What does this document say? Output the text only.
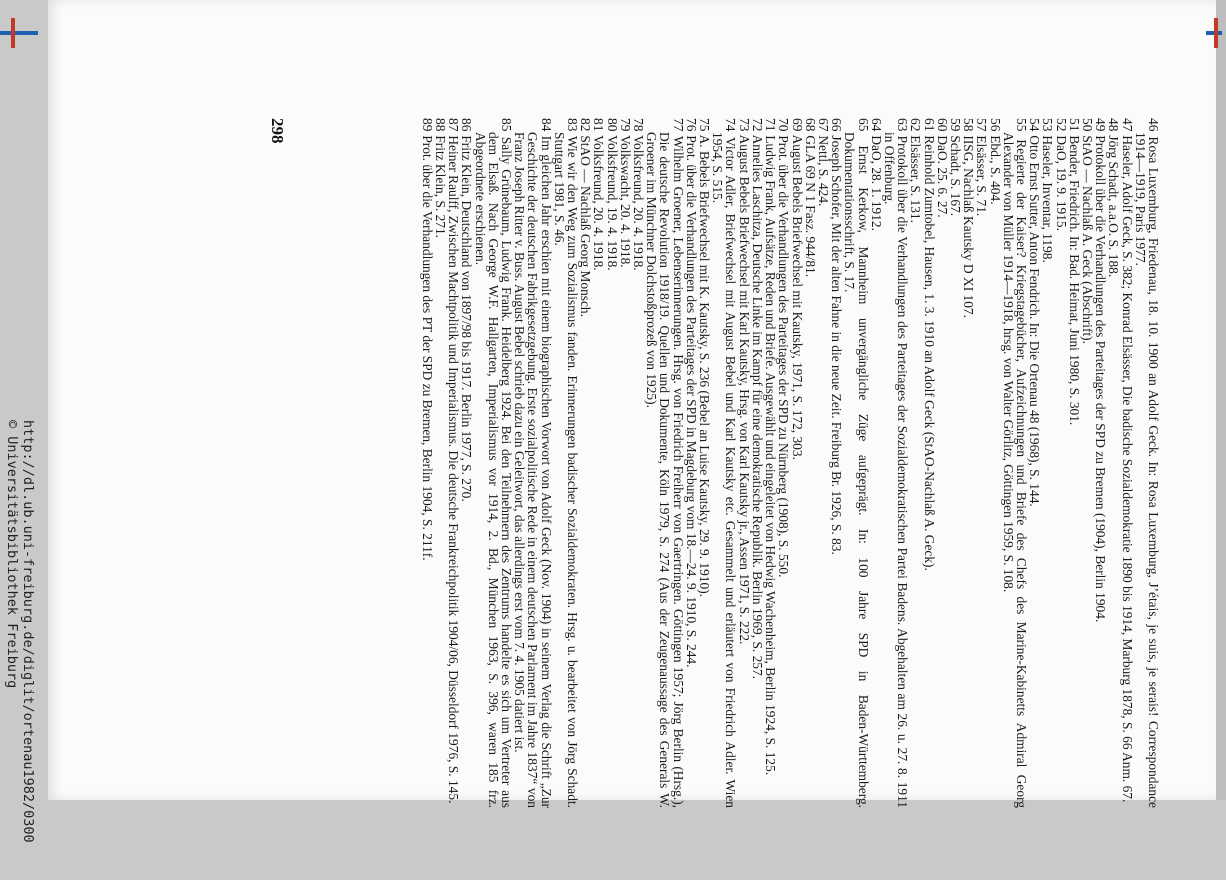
http://dl.ub.uni-freiburg.de/diglit/ortenau1982/0300
© Universitätsbibliothek Freiburg
46 Rosa Luxemburg, Friedenau, 18. 10. 1900 an Adolf Geck. In: Rosa Luxemburg, J’étais, je suis, je serais! Correspondance 1914—1919, Paris 1977.
47 Haseler, Adolf Geck, S. 382; Konrad Elsässer, Die badische Sozialdemokratie 1890 bis 1914, Marburg 1878, S. 66 Anm. 67.
48 Jörg Schadt, a.a.O. S. 188.
49 Protokoll über die Verhandlungen des Parteitages der SPD zu Bremen (1904), Berlin 1904.
50 StAO — Nachlaß A. Geck (Abschrift).
51 Bender, Friedrich. In: Bad. Heimat, Juni 1980, S. 301.
52 DaO, 19. 9. 1915.
53 Haseler, Inventar, 1198.
54 Otto Ernst Sutter, Anton Fendrich. In: Die Ortenau 48 (1968), S. 144.
55 Regierte der Kaiser? Kriegstagebücher, Aufzeichnungen und Briefe des Chefs des Marine-Kabinetts Admiral Georg Alexander von Müller 1914—1918, hrsg. von Walter Görlitz, Göttingen 1959, S. 108.
56 Ebd., S. 404.
57 Elsässer, S. 71.
58 IISG, Nachlaß Kautsky D XI 107.
59 Schadt, S. 167.
60 DaO. 25. 6. 27.
61 Reinhold Zumtobel, Hausen, 1. 3. 1910 an Adolf Geck (StAO-Nachlaß A. Geck).
62 Elsässer, S. 131.
63 Protokoll über die Verhandlungen des Parteitages der Sozialdemokratischen Partei Badens. Abgehalten am 26. u. 27. 8. 1911 in Offenburg.
64 DaO, 28. 1. 1912.
65 Ernst Kerkow, Mannheim unvergängliche Züge aufgeprägt. In: 100 Jahre SPD in Baden-Württemberg. Dokumentationsschrift, S. 17.
66 Joseph Schofer, Mit der alten Fahne in die neue Zeit. Freiburg Br. 1926, S. 83.
67 Nettl, S. 424.
68 GLA 69 N 1 Fasz. 944/81.
69 August Bebels Briefwechsel mit Kautsky, 1971, S. 172, 303.
70 Prot. über die Verhandlungen des Parteitages der SPD zu Nürnberg (1908), S. 550.
71 Ludwig Frank, Aufsätze, Reden und Briefe. Ausgewählt und eingeleitet von Hedwig Wachenheim, Berlin 1924, S. 125.
72 Annelies Laschitza, Deutsche Linke im Kampf für eine demokratische Republik. Berlin 1969, S. 257.
73 August Bebels Briefwechsel mit Karl Kautsky, Hrsg. von Karl Kautsky jr., Assen 1971, S. 222.
74 Victor Adler, Briefwechsel mit August Bebel und Karl Kautsky etc. Gesammelt und erläutert von Friedrich Adler. Wien 1954, S. 515.
75 A. Bebels Briefwechsel mit K. Kautsky, S. 236 (Bebel an Luise Kautsky, 29. 9. 1910).
76 Prot. über die Verhandlungen des Parteitages der SPD in Magdeburg vom 18.—24. 9. 1910, S. 244.
77 Wilhelm Groener, Lebenserinnerungen. Hrsg. von Friedrich Freiherr von Gaertringen. Göttingen 1957; Jörg Berlin (Hrsg.), Die deutsche Revolution 1918/19. Quellen und Dokumente, Köln 1979, S. 274 (Aus der Zeugenaussage des Generals W. Groener im Münchner Dolchstoßprozeß von 1925).
78 Volksfreund, 20. 4. 1918.
79 Volkswacht, 20. 4. 1918.
80 Volksfreund, 19. 4. 1918.
81 Volksfreund, 20. 4. 1918.
82 StAO — Nachlaß Georg Monsch.
83 Wie wir den Weg zum Sozialismus fanden. Erinnerungen badischer Sozialdemokraten. Hrsg. u. bearbeitet von Jörg Schadt. Stuttgart 1981, S. 46.
84 Im gleichen Jahr erschien mit einem biographischen Vorwort von Adolf Geck (Nov. 1904) in seinem Verlag die Schrift „Zur Geschichte der deutschen Fabrikgesetzgebung. Erste sozialpolitische Rede in einem deutschen Parlament im Jahre 1837“ von Franz Joseph Ritter v. Buss. August Bebel schrieb dazu ein Geleitwort, das allerdings erst vom 7. 4. 1905 datiert ist.
85 Sally Grünebaum, Ludwig Frank. Heidelberg 1924. Bei den Teilnehmern des Zentrums handelte es sich um Vertreter aus dem Elsaß. Nach George W.F. Hallgarten, Imperialismus vor 1914, 2. Bd., München 1963, S. 396, waren 185 frz. Abgeordnete erschienen.
86 Fritz Klein, Deutschland von 1897/98 bis 1917. Berlin 1977, S. 270.
87 Heiner Raulff, Zwischen Machtpolitik und Imperialismus. Die deutsche Frankreichpolitik 1904/06, Düsseldorf 1976, S. 145.
88 Fritz Klein, S. 271.
89 Prot. über die Verhandlungen des PT der SPD zu Bremen, Berlin 1904, S. 211f.
298
